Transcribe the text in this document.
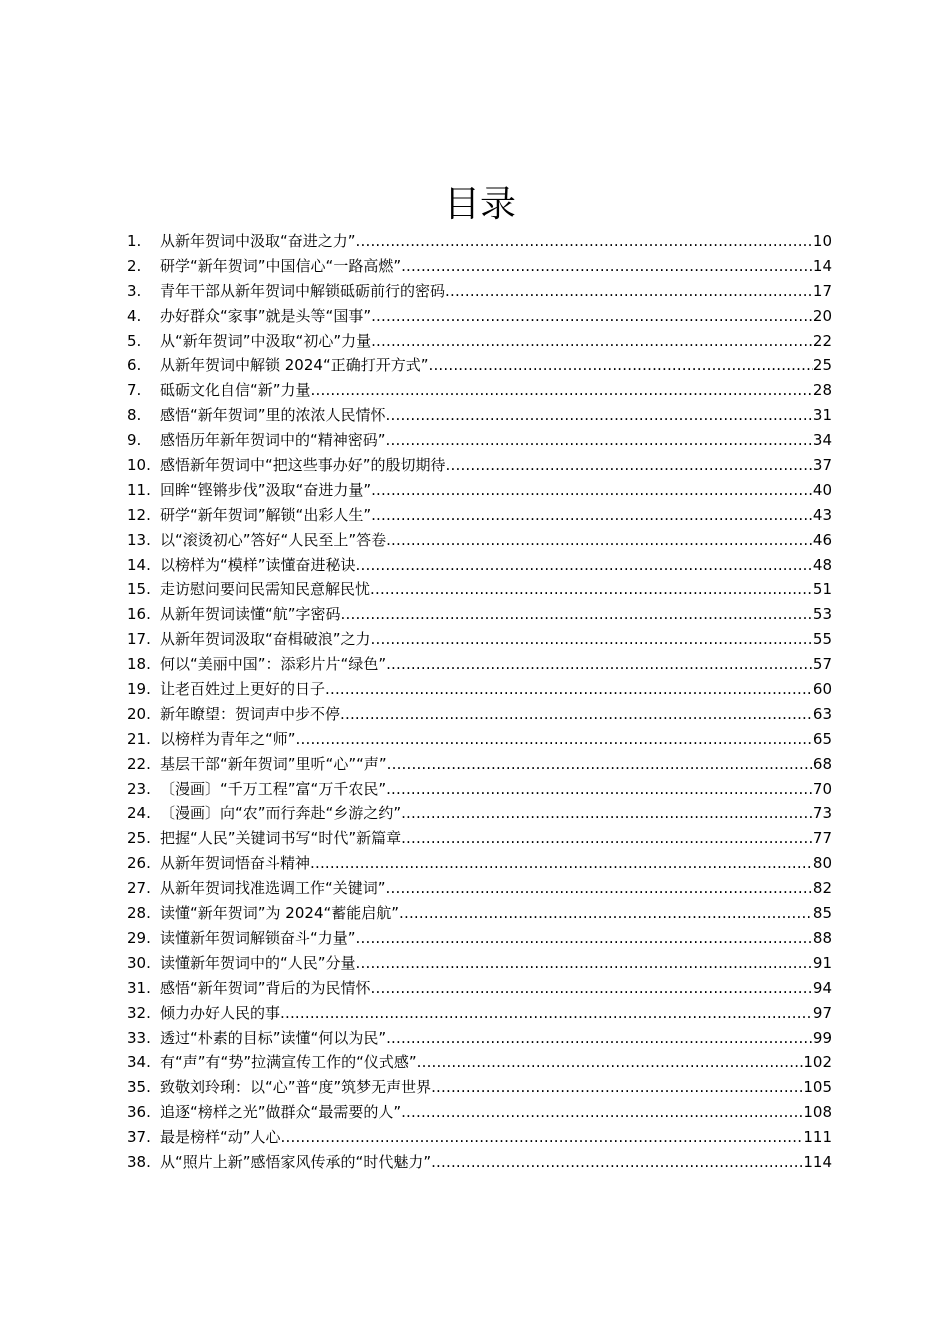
目录
1.	从新年贺词中汲取“奋进之力” .....	10
2.	研学“新年贺词”中国信心“一路高燃” .....	14
3.	青年干部从新年贺词中解锁砥砺前行的密码 .....	17
4.	办好群众“家事”就是头等“国事” .....	20
5.	从“新年贺词”中汲取“初心”力量 .....	22
6.	从新年贺词中解锁 2024“正确打开方式” .....	25
7.	砥砺文化自信“新”力量 .....	28
8.	感悟“新年贺词”里的浓浓人民情怀 .....	31
9.	感悟历年新年贺词中的“精神密码” .....	34
10. 感悟新年贺词中“把这些事办好”的殷切期待 .....	37
11. 回眸“铿锵步伐”汲取“奋进力量” .....	40
12. 研学“新年贺词”解锁“出彩人生” .....	43
13. 以“滚烫初心”答好“人民至上”答卷 .....	46
14. 以榜样为“模样”读懂奋进秘诀 .....	48
15. 走访慰问要问民需知民意解民忧 .....	51
16. 从新年贺词读懂“航”字密码 .....	53
17. 从新年贺词汲取“奋楫破浪”之力 .....	55
18. 何以“美丽中国”：添彩片片“绿色” .....	57
19. 让老百姓过上更好的日子 .....	60
20. 新年瞭望：贺词声中步不停 .....	63
21. 以榜样为青年之“师” .....	65
22. 基层干部“新年贺词”里听“心”“声” .....	68
23. 〔漫画〕“千万工程”富“万千农民” .....	70
24. 〔漫画〕向“农”而行奔赴“乡游之约” .....	73
25. 把握“人民”关键词书写“时代”新篇章 .....	77
26. 从新年贺词悟奋斗精神 .....	80
27. 从新年贺词找准选调工作“关键词” .....	82
28. 读懂“新年贺词”为 2024“蓄能启航” .....	85
29. 读懂新年贺词解锁奋斗“力量” .....	88
30. 读懂新年贺词中的“人民”分量 .....	91
31. 感悟“新年贺词”背后的为民情怀 .....	94
32. 倾力办好人民的事 .....	97
33. 透过“朴素的目标”读懂“何以为民” .....	99
34. 有“声”有“势”拉满宣传工作的“仪式感” .....	102
35. 致敬刘玲琍：以“心”普“度”筑梦无声世界 .....	105
36. 追逐“榜样之光”做群众“最需要的人” .....	108
37. 最是榜样“动”人心 .....	111
38. 从“照片上新”感悟家风传承的“时代魅力” .....	114
